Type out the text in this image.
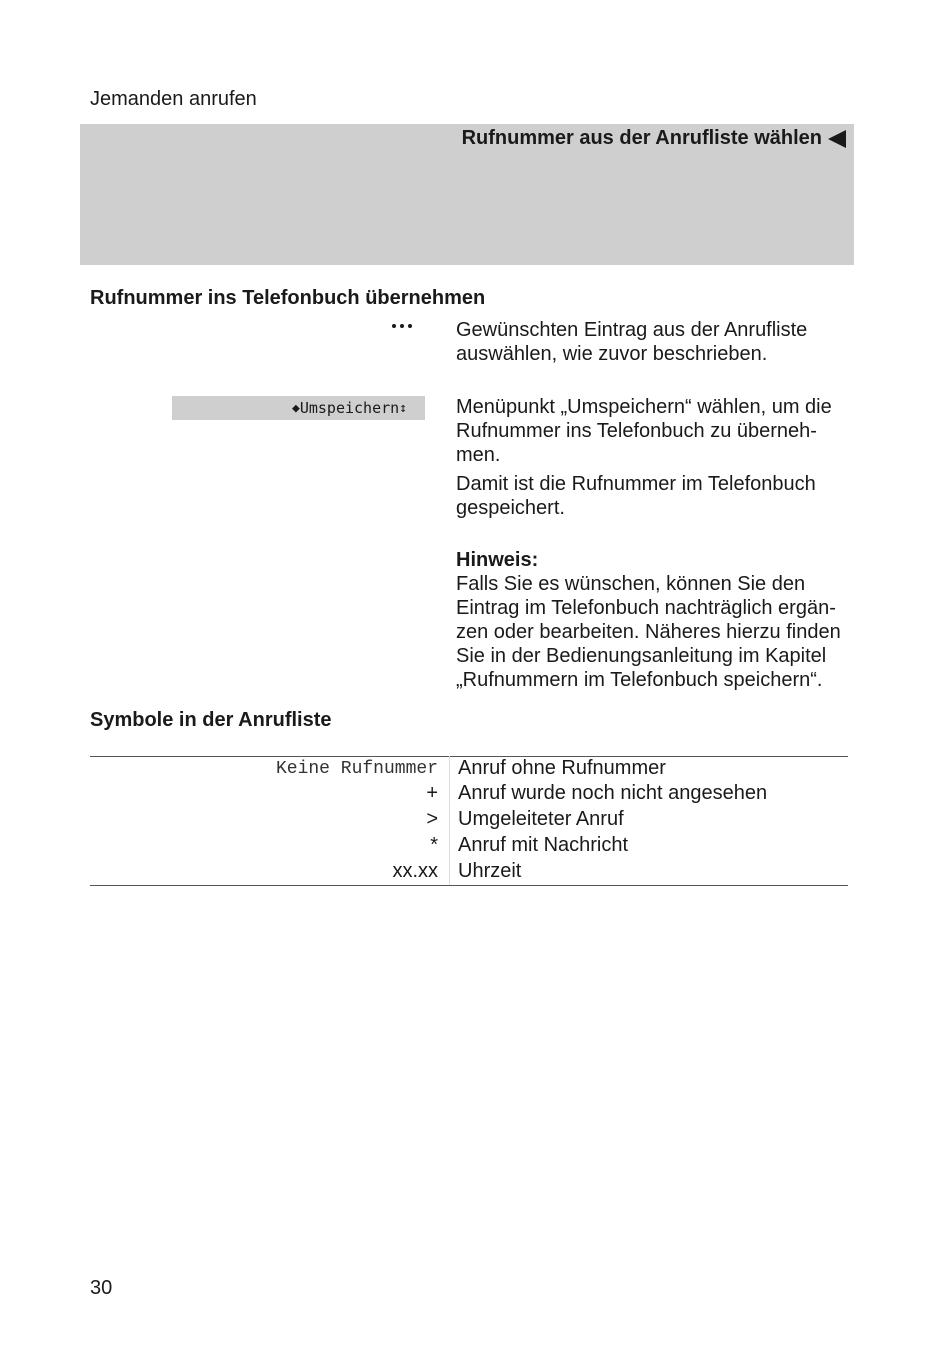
Jemanden anrufen
Rufnummer aus der Anrufliste wählen
Rufnummer ins Telefonbuch übernehmen
Gewünschten Eintrag aus der Anrufliste auswählen, wie zuvor beschrieben.
◆ Umspeichern ↕ Menüpunkt „Umspeichern“ wählen, um die Rufnummer ins Telefonbuch zu überneh- men.
Damit ist die Rufnummer im Telefonbuch gespeichert.
Hinweis:
Falls Sie es wünschen, können Sie den Eintrag im Telefonbuch nachträglich ergän- zen oder bearbeiten. Näheres hierzu finden Sie in der Bedienungsanleitung im Kapitel „Rufnummern im Telefonbuch speichern“.
Symbole in der Anrufliste
Keine Rufnummer Anruf ohne Rufnummer
+ Anruf wurde noch nicht angesehen
> Umgeleiteter Anruf
* Anruf mit Nachricht
xx.xx Uhrzeit
30
